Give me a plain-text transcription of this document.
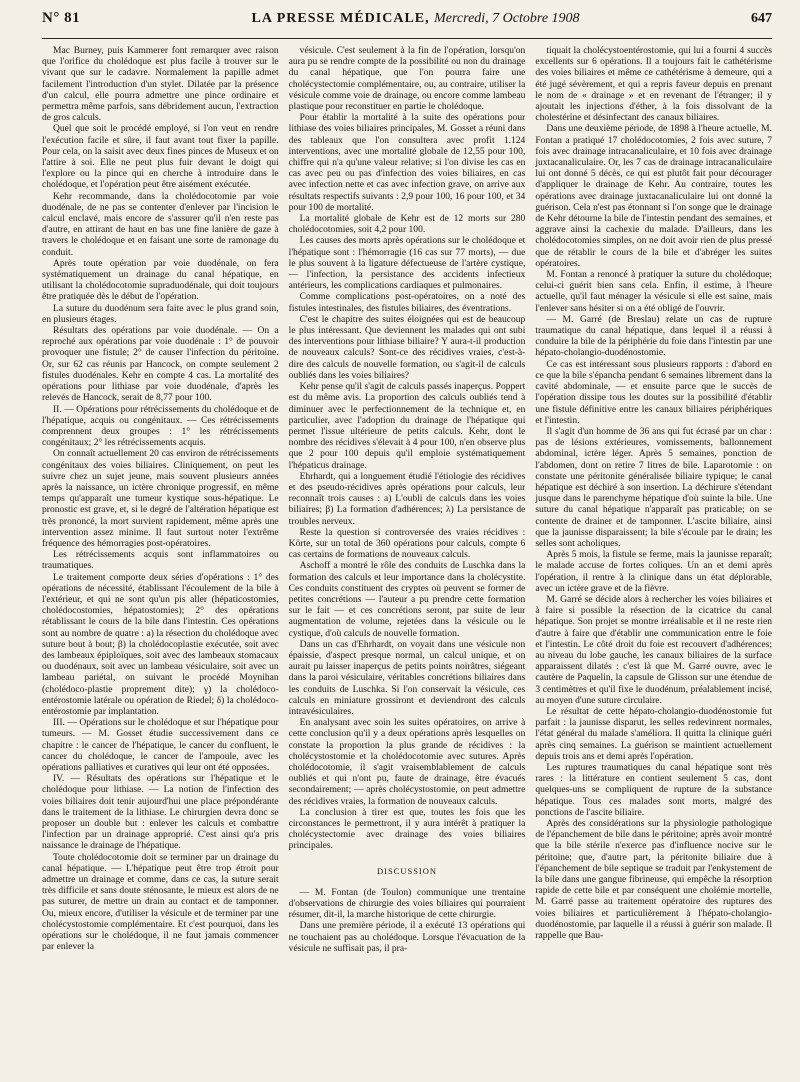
N° 81	LA PRESSE MÉDICALE, Mercredi, 7 Octobre 1908	647

Mac Burney, puis Kammerer font remarquer avec raison que l'orifice du cholédoque est plus facile à trouver sur le vivant que sur le cadavre. Normalement la papille admet facilement l'introduction d'un stylet. Dilatée par la présence d'un calcul, elle pourra admettre une pince ordinaire et permettra même parfois, sans débridement aucun, l'extraction de gros calculs.

Quel que soit le procédé employé, si l'on veut en rendre l'exécution facile et sûre, il faut avant tout fixer la papille. Pour cela, on la saisit avec deux fines pinces de Museux et on l'attire à soi. Elle ne peut plus fuir devant le doigt qui l'explore ou la pince qui en cherche à introduire dans le cholédoque, et l'opération peut être aisément exécutée.

Kehr recommande, dans la cholédocotomie par voie duodénale, de ne pas se contenter d'enlever par l'incision le calcul enclavé, mais encore de s'assurer qu'il n'en reste pas d'autre, en attirant de haut en bas une fine lanière de gaze à travers le cholédoque et en faisant une sorte de ramonage du conduit.

Après toute opération par voie duodénale, on fera systématiquement un drainage du canal hépatique, en utilisant la cholédocotomie supraduodénale, qui doit toujours être pratiquée dès le début de l'opération.

La suture du duodénum sera faite avec le plus grand soin, en plusieurs étages.

Résultats des opérations par voie duodénale. — On a reproché aux opérations par voie duodénale : 1° de pouvoir provoquer une fistule; 2° de causer l'infection du péritoine. Or, sur 62 cas réunis par Hancock, on compte seulement 2 fistules duodénales. Kehr en compte 4 cas. La mortalité des opérations pour lithiase par voie duodénale, d'après les relevés de Hancock, serait de 8,77 pour 100.

II. — Opérations pour rétrécissements du cholédoque et de l'hépatique, acquis ou congénitaux. — Ces rétrécissements comprennent deux groupes : 1° les rétrécissements congénitaux; 2° les rétrécissements acquis.

On connaît actuellement 20 cas environ de rétrécissements congénitaux des voies biliaires. Cliniquement, on peut les suivre chez un sujet jeune, mais souvent plusieurs années après la naissance, un ictère chronique progressif, en même temps qu'apparaît une tumeur kystique sous-hépatique. Le pronostic est grave, et, si le degré de l'altération hépatique est très prononcé, la mort survient rapidement, même après une intervention assez minime. Il faut surtout noter l'extrême fréquence des hémorragies post-opératoires.

Les rétrécissements acquis sont inflammatoires ou traumatiques.

Le traitement comporte deux séries d'opérations : 1° des opérations de nécessité, établissant l'écoulement de la bile à l'extérieur, et qui ne sont qu'un pis aller (hépaticostomies, cholédocostomies, hépatostomies); 2° des opérations rétablissant le cours de la bile dans l'intestin. Ces opérations sont au nombre de quatre : a) la résection du cholédoque avec suture bout à bout; β) la cholédocoplastie exécutée, soit avec des lambeaux épiploïques, soit avec des lambeaux stomacaux ou duodénaux, soit avec un lambeau vésiculaire, soit avec un lambeau pariétal, on suivant le procédé Moynihan (cholédoco-plastie proprement dite); γ) la cholédoco-entérostomie latérale ou opération de Riedel; δ) la cholédoco-entérostomie par implantation.

III. — Opérations sur le cholédoque et sur l'hépatique pour tumeurs. — M. Gosset étudie successivement dans ce chapitre : le cancer de l'hépatique, le cancer du confluent, le cancer du cholédoque, le cancer de l'ampoule, avec les opérations palliatives et curatives qui leur ont été opposées.

IV. — Résultats des opérations sur l'hépatique et le cholédoque pour lithiase. — La notion de l'infection des voies biliaires doit tenir aujourd'hui une place prépondérante dans le traitement de la lithiase. Le chirurgien devra donc se proposer un double but : enlever les calculs et combattre l'infection par un drainage approprié. C'est ainsi qu'a pris naissance le drainage de l'hépatique.

Toute cholédocotomie doit se terminer par un drainage du canal hépatique. — L'hépatique peut être trop étroit pour admettre un drainage et comme, dans ce cas, la suture serait très difficile et sans doute sténosante, le mieux est alors de ne pas suturer, de mettre un drain au contact et de tamponner. Ou, mieux encore, d'utiliser la vésicule et de terminer par une cholécystostomie complémentaire. Et c'est pourquoi, dans les opérations sur le cholédoque, il ne faut jamais commencer par enlever la

vésicule. C'est seulement à la fin de l'opération, lorsqu'on aura pu se rendre compte de la possibilité ou non du drainage du canal hépatique, que l'on pourra faire une cholécystectomie complémentaire, ou, au contraire, utiliser la vésicule comme voie de drainage, ou encore comme lambeau plastique pour reconstituer en partie le cholédoque.

Pour établir la mortalité à la suite des opérations pour lithiase des voies biliaires principales, M. Gosset a réuni dans des tableaux que l'on consultera avec profit 1.124 interventions, avec une mortalité globale de 12,55 pour 100, chiffre qui n'a qu'une valeur relative; si l'on divise les cas en cas avec peu ou pas d'infection des voies biliaires, en cas avec infection nette et cas avec infection grave, on arrive aux résultats respectifs suivants : 2,9 pour 100, 16 pour 100, et 34 pour 100 de mortalité.

La mortalité globale de Kehr est de 12 morts sur 280 cholédocotomies, soit 4,2 pour 100.

Les causes des morts après opérations sur le cholédoque et l'hépatique sont : l'hémorragie (16 cas sur 77 morts), — due le plus souvent à la ligature défectueuse de l'artère cystique, — l'infection, la persistance des accidents infectieux antérieurs, les complications cardiaques et pulmonaires.

Comme complications post-opératoires, on a noté des fistules intestinales, des fistules biliaires, des éventrations.

C'est le chapitre des suites éloignées qui est de beaucoup le plus intéressant. Que deviennent les malades qui ont subi des interventions pour lithiase biliaire? Y aura-t-il production de nouveaux calculs? Sont-ce des récidives vraies, c'est-à-dire des calculs de nouvelle formation, ou s'agit-il de calculs oubliés dans les voies biliaires?

Kehr pense qu'il s'agit de calculs passés inaperçus. Poppert est du même avis. La proportion des calculs oubliés tend à diminuer avec le perfectionnement de la technique et, en particulier, avec l'adoption du drainage de l'hépatique qui permet l'issue ultérieure de petits calculs. Kehr, dont le nombre des récidives s'élevait à 4 pour 100, n'en observe plus que 2 pour 100 depuis qu'il emploie systématiquement l'hépaticus drainage.

Ehrhardt, qui a longuement étudié l'étiologie des récidives et des pseudo-récidives après opérations pour calculs, leur reconnaît trois causes : a) L'oubli de calculs dans les voies biliaires; β) La formation d'adhérences; λ) La persistance de troubles nerveux.

Reste la question si controversée des vraies récidives : Körte, sur un total de 360 opérations pour calculs, compte 6 cas certains de formations de nouveaux calculs.

Aschoff a montré le rôle des conduits de Luschka dans la formation des calculs et leur importance dans la cholécystite. Ces conduits constituent des cryptes où peuvent se former de petites concrétions — l'auteur a pu prendre cette formation sur le fait — et ces concrétions seront, par suite de leur augmentation de volume, rejetées dans la vésicule ou le cystique, d'où calculs de nouvelle formation.

Dans un cas d'Ehrhardt, on voyait dans une vésicule non épaissie, d'aspect presque normal, un calcul unique, et on aurait pu laisser inaperçus de petits points noirâtres, siégeant dans la paroi vésiculaire, véritables concrétions biliaires dans les conduits de Luschka. Si l'on conservait la vésicule, ces calculs en miniature grossiront et deviendront des calculs intravésiculaires.

En analysant avec soin les suites opératoires, on arrive à cette conclusion qu'il y a deux opérations après lesquelles on constate la proportion la plus grande de récidives : la cholécystostomie et la cholédocotomie avec sutures. Après cholédocotomie, il s'agit vraisemblablement de calculs oubliés et qui n'ont pu, faute de drainage, être évacués secondairement; — après cholécystostomie, on peut admettre des récidives vraies, la formation de nouveaux calculs.

La conclusion à tirer est que, toutes les fois que les circonstances le permettront, il y aura intérêt à pratiquer la cholécystectomie avec drainage des voies biliaires principales.

DISCUSSION

— M. Fontan (de Toulon) communique une trentaine d'observations de chirurgie des voies biliaires qui pourraient résumer, dit-il, la marche historique de cette chirurgie.

Dans une première période, il a exécuté 13 opérations qui ne touchaient pas au cholédoque. Lorsque l'évacuation de la vésicule ne suffisait pas, il pra-

tiquait la cholécystoentérostomie, qui lui a fourni 4 succès excellents sur 6 opérations. Il a toujours fait le cathétérisme des voies biliaires et même ce cathétérisme à demeure, qui a été jugé sévèrement, et qui a repris faveur depuis en prenant le nom de « drainage » et en revenant de l'étranger; il y ajoutait les injections d'éther, à la fois dissolvant de la cholestérine et désinfectant des canaux biliaires.

Dans une deuxième période, de 1898 à l'heure actuelle, M. Fontan a pratiqué 17 cholédocotomies, 2 fois avec suture, 7 fois avec drainage intracanaliculaire, et 10 fois avec drainage juxtacanaliculaire. Or, les 7 cas de drainage intracanaliculaire lui ont donné 5 décès, ce qui est plutôt fait pour décourager d'appliquer le drainage de Kehr. Au contraire, toutes les opérations avec drainage juxtacanaliculaire lui ont donné la guérison. Cela n'est pas étonnant si l'on songe que le drainage de Kehr détourne la bile de l'intestin pendant des semaines, et aggrave ainsi la cachexie du malade. D'ailleurs, dans les cholédocotomies simples, on ne doit avoir rien de plus pressé que de rétablir le cours de la bile et d'abréger les suites opératoires.

M. Fontan a renoncé à pratiquer la suture du cholédoque; celui-ci guérit bien sans cela. Enfin, il estime, à l'heure actuelle, qu'il faut ménager la vésicule si elle est saine, mais l'enlever sans hésiter si on a été obligé de l'ouvrir.

— M. Garré (de Breslau) relate un cas de rupture traumatique du canal hépatique, dans lequel il a réussi à conduire la bile de la périphérie du foie dans l'intestin par une hépato-cholangio-duodénostomie.

Ce cas est intéressant sous plusieurs rapports : d'abord en ce que la bile s'épancha pendant 6 semaines librement dans la cavité abdominale, — et ensuite parce que le succès de l'opération dissipe tous les doutes sur la possibilité d'établir une fistule définitive entre les canaux biliaires périphériques et l'intestin.

Il s'agit d'un homme de 36 ans qui fut écrasé par un char : pas de lésions extérieures, vomissements, ballonnement abdominal, ictère léger. Après 5 semaines, ponction de l'abdomen, dont on retire 7 litres de bile. Laparotomie : on constate une péritonite généralisée biliaire typique; le canal hépatique est déchiré à son insertion. La déchirure s'étendant jusque dans le parenchyme hépatique d'où suinte la bile. Une suture du canal hépatique n'apparaît pas praticable; on se contente de drainer et de tamponner. L'ascite biliaire, ainsi que la jaunisse disparaissent; la bile s'écoule par le drain; les selles sont acholiques.

Après 5 mois, la fistule se ferme, mais la jaunisse reparaît; le malade accuse de fortes coliques. Un an et demi après l'opération, il rentre à la clinique dans un état déplorable, avec un ictère grave et de la fièvre.

M. Garré se décide alors à rechercher les voies biliaires et à faire si possible la résection de la cicatrice du canal hépatique. Son projet se montre irréalisable et il ne reste rien d'autre à faire que d'établir une communication entre le foie et l'intestin. Le côté droit du foie est recouvert d'adhérences; au niveau du lobe gauche, les canaux biliaires de la surface apparaissent dilatés : c'est là que M. Garré ouvre, avec le cautère de Paquelin, la capsule de Glisson sur une étendue de 3 centimètres et qu'il fixe le duodénum, préalablement incisé, au moyen d'une suture circulaire.

Le résultat de cette hépato-cholangio-duodénostomie fut parfait : la jaunisse disparut, les selles redevinrent normales, l'état général du malade s'améliora. Il quitta la clinique guéri après cinq semaines. La guérison se maintient actuellement depuis trois ans et demi après l'opération.

Les ruptures traumatiques du canal hépatique sont très rares : la littérature en contient seulement 5 cas, dont quelques-uns se compliquent de rupture de la substance hépatique. Tous ces malades sont morts, malgré des ponctions de l'ascite biliaire.

Après des considérations sur la physiologie pathologique de l'épanchement de bile dans le péritoine; après avoir montré que la bile stérile n'exerce pas d'influence nocive sur le péritoine; que, d'autre part, la péritonite biliaire due à l'épanchement de bile septique se traduit par l'enkystement de la bile dans une gangue fibrineuse, qui empêche la résorption rapide de cette bile et par conséquent une cholémie mortelle, M. Garré passe au traitement opératoire des ruptures des voies biliaires et particulièrement à l'hépato-cholangio-duodénostomie, par laquelle il a réussi à guérir son malade. Il rappelle que Bau-
